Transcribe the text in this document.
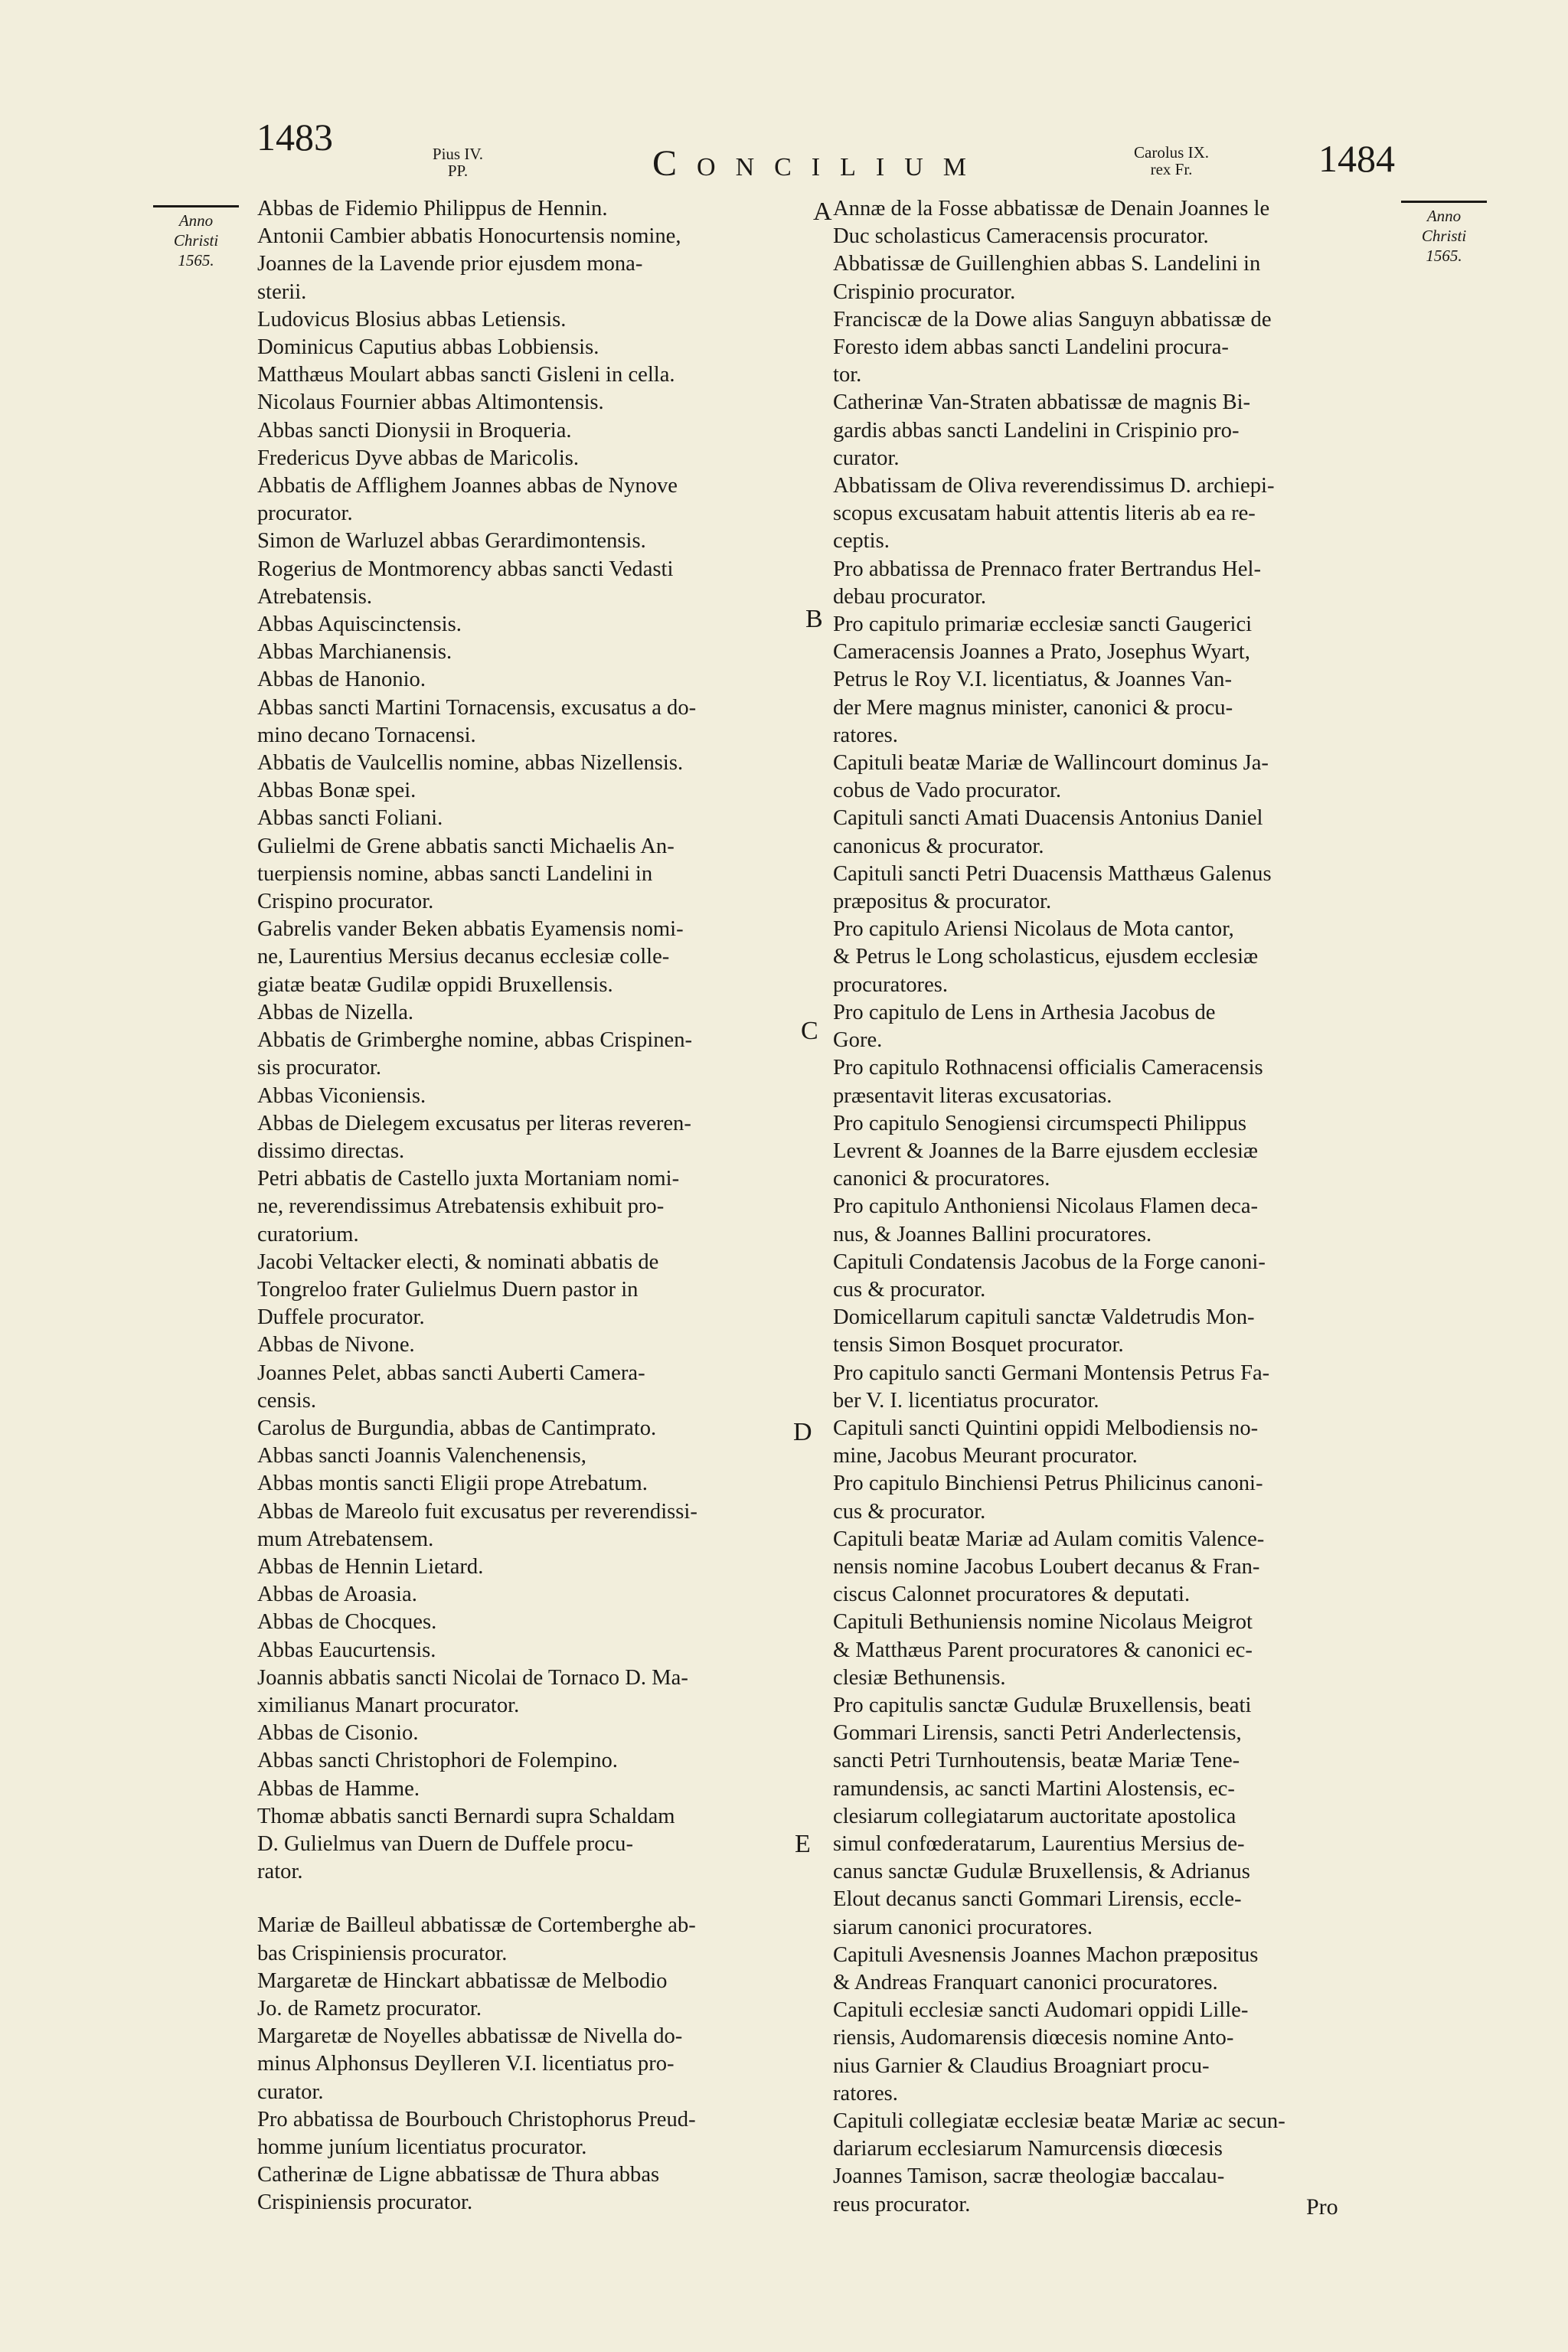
1483	Pius IV.
PP.	Concilium	Carolus IX.
rex Fr.	1484
Anno
Christi
1565.
Anno
Christi
1565.
A
B
C
D
E
Abbas de Fidemio Philippus de Hennin.
Antonii Cambier abbatis Honocurtensis nomine,
Joannes de la Lavende prior ejusdem mona-
sterii.
Ludovicus Blosius abbas Letiensis.
Dominicus Caputius abbas Lobbiensis.
Matthæus Moulart abbas sancti Gisleni in cella.
Nicolaus Fournier abbas Altimontensis.
Abbas sancti Dionysii in Broqueria.
Fredericus Dyve abbas de Maricolis.
Abbatis de Afflighem Joannes abbas de Nynove
procurator.
Simon de Warluzel abbas Gerardimontensis.
Rogerius de Montmorency abbas sancti Vedasti
Atrebatensis.
Abbas Aquiscinctensis.
Abbas Marchianensis.
Abbas de Hanonio.
Abbas sancti Martini Tornacensis, excusatus a do-
mino decano Tornacensi.
Abbatis de Vaulcellis nomine, abbas Nizellensis.
Abbas Bonæ spei.
Abbas sancti Foliani.
Gulielmi de Grene abbatis sancti Michaelis An-
tuerpiensis nomine, abbas sancti Landelini in
Crispino procurator.
Gabrelis vander Beken abbatis Eyamensis nomi-
ne, Laurentius Mersius decanus ecclesiæ colle-
giatæ beatæ Gudilæ oppidi Bruxellensis.
Abbas de Nizella.
Abbatis de Grimberghe nomine, abbas Crispinen-
sis procurator.
Abbas Viconiensis.
Abbas de Dielegem excusatus per literas reveren-
dissimo directas.
Petri abbatis de Castello juxta Mortaniam nomi-
ne, reverendissimus Atrebatensis exhibuit pro-
curatorium.
Jacobi Veltacker electi, & nominati abbatis de
Tongreloo frater Gulielmus Duern pastor in
Duffele procurator.
Abbas de Nivone.
Joannes Pelet, abbas sancti Auberti Camera-
censis.
Carolus de Burgundia, abbas de Cantimprato.
Abbas sancti Joannis Valenchenensis,
Abbas montis sancti Eligii prope Atrebatum.
Abbas de Mareolo fuit excusatus per reverendissi-
mum Atrebatensem.
Abbas de Hennin Lietard.
Abbas de Aroasia.
Abbas de Chocques.
Abbas Eaucurtensis.
Joannis abbatis sancti Nicolai de Tornaco D. Ma-
ximilianus Manart procurator.
Abbas de Cisonio.
Abbas sancti Christophori de Folempino.
Abbas de Hamme.
Thomæ abbatis sancti Bernardi supra Schaldam
D. Gulielmus van Duern de Duffele procu-
rator.
Mariæ de Bailleul abbatissæ de Cortemberghe ab-
bas Crispiniensis procurator.
Margaretæ de Hinckart abbatissæ de Melbodio
Jo. de Rametz procurator.
Margaretæ de Noyelles abbatissæ de Nivella do-
minus Alphonsus Deylleren V.I. licentiatus pro-
curator.
Pro abbatissa de Bourbouch Christophorus Preud-
homme juníum licentiatus procurator.
Catherinæ de Ligne abbatissæ de Thura abbas
Crispiniensis procurator.
Annæ de la Fosse abbatissæ de Denain Joannes le
Duc scholasticus Cameracensis procurator.
Abbatissæ de Guillenghien abbas S. Landelini in
Crispinio procurator.
Franciscæ de la Dowe alias Sanguyn abbatissæ de
Foresto idem abbas sancti Landelini procura-
tor.
Catherinæ Van-Straten abbatissæ de magnis Bi-
gardis abbas sancti Landelini in Crispinio pro-
curator.
Abbatissam de Oliva reverendissimus D. archiepi-
scopus excusatam habuit attentis literis ab ea re-
ceptis.
Pro abbatissa de Prennaco frater Bertrandus Hel-
debau procurator.
Pro capitulo primariæ ecclesiæ sancti Gaugerici
Cameracensis Joannes a Prato, Josephus Wyart,
Petrus le Roy V.I. licentiatus, & Joannes Van-
der Mere magnus minister, canonici & procu-
ratores.
Capituli beatæ Mariæ de Wallincourt dominus Ja-
cobus de Vado procurator.
Capituli sancti Amati Duacensis Antonius Daniel
canonicus & procurator.
Capituli sancti Petri Duacensis Matthæus Galenus
præpositus & procurator.
Pro capitulo Ariensi Nicolaus de Mota cantor,
& Petrus le Long scholasticus, ejusdem ecclesiæ
procuratores.
Pro capitulo de Lens in Arthesia Jacobus de
Gore.
Pro capitulo Rothnacensi officialis Cameracensis
præsentavit literas excusatorias.
Pro capitulo Senogiensi circumspecti Philippus
Levrent & Joannes de la Barre ejusdem ecclesiæ
canonici & procuratores.
Pro capitulo Anthoniensi Nicolaus Flamen deca-
nus, & Joannes Ballini procuratores.
Capituli Condatensis Jacobus de la Forge canoni-
cus & procurator.
Domicellarum capituli sanctæ Valdetrudis Mon-
tensis Simon Bosquet procurator.
Pro capitulo sancti Germani Montensis Petrus Fa-
ber V. I. licentiatus procurator.
Capituli sancti Quintini oppidi Melbodiensis no-
mine, Jacobus Meurant procurator.
Pro capitulo Binchiensi Petrus Philicinus canoni-
cus & procurator.
Capituli beatæ Mariæ ad Aulam comitis Valence-
nensis nomine Jacobus Loubert decanus & Fran-
ciscus Calonnet procuratores & deputati.
Capituli Bethuniensis nomine Nicolaus Meigrot
& Matthæus Parent procuratores & canonici ec-
clesiæ Bethunensis.
Pro capitulis sanctæ Gudulæ Bruxellensis, beati
Gommari Lirensis, sancti Petri Anderlectensis,
sancti Petri Turnhoutensis, beatæ Mariæ Tene-
ramundensis, ac sancti Martini Alostensis, ec-
clesiarum collegiatarum auctoritate apostolica
simul confœderatarum, Laurentius Mersius de-
canus sanctæ Gudulæ Bruxellensis, & Adrianus
Elout decanus sancti Gommari Lirensis, eccle-
siarum canonici procuratores.
Capituli Avesnensis Joannes Machon præpositus
& Andreas Franquart canonici procuratores.
Capituli ecclesiæ sancti Audomari oppidi Lille-
riensis, Audomarensis diœcesis nomine Anto-
nius Garnier & Claudius Broagniart procu-
ratores.
Capituli collegiatæ ecclesiæ beatæ Mariæ ac secun-
dariarum ecclesiarum Namurcensis diœcesis
Joannes Tamison, sacræ theologiæ baccalau-
reus procurator.	Pro
